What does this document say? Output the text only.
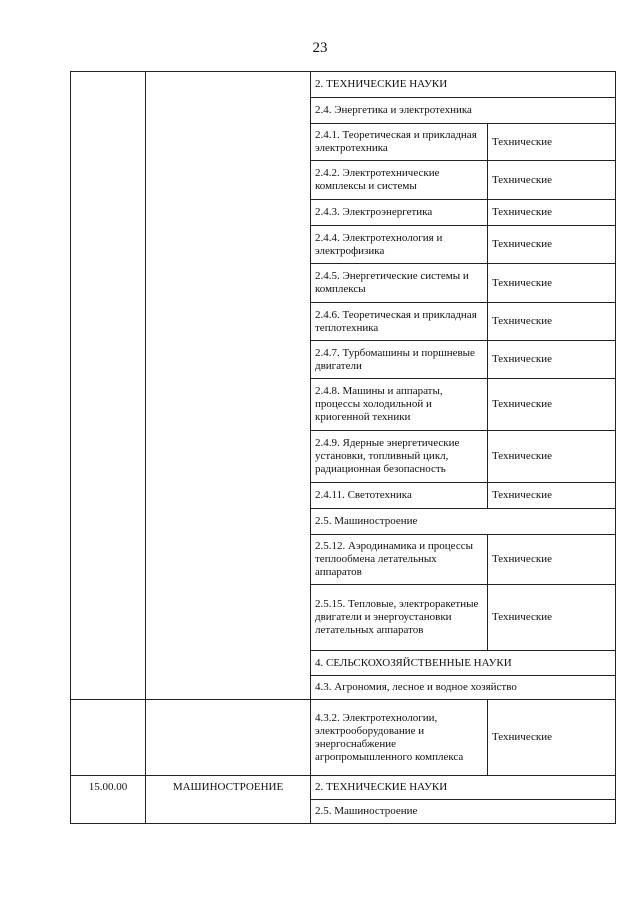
23
		2. ТЕХНИЧЕСКИЕ НАУКИ	
		2.4. Энергетика и электротехника	
		2.4.1. Теоретическая и прикладная электротехника	Технические
		2.4.2. Электротехнические комплексы и системы	Технические
		2.4.3. Электроэнергетика	Технические
		2.4.4. Электротехнология и электрофизика	Технические
		2.4.5. Энергетические системы и комплексы	Технические
		2.4.6. Теоретическая и прикладная теплотехника	Технические
		2.4.7. Турбомашины и поршневые двигатели	Технические
		2.4.8. Машины и аппараты, процессы холодильной и криогенной техники	Технические
		2.4.9. Ядерные энергетические установки, топливный цикл, радиационная безопасность	Технические
		2.4.11. Светотехника	Технические
		2.5. Машиностроение	
		2.5.12. Аэродинамика и процессы теплообмена летательных аппаратов	Технические
		2.5.15. Тепловые, электроракетные двигатели и энергоустановки летательных аппаратов	Технические
		4. СЕЛЬСКОХОЗЯЙСТВЕННЫЕ НАУКИ	
		4.3. Агрономия, лесное и водное хозяйство	
		4.3.2. Электротехнологии, электрооборудование и энергоснабжение агропромышленного комплекса	Технические
15.00.00	МАШИНОСТРОЕНИЕ	2. ТЕХНИЧЕСКИЕ НАУКИ	
		2.5. Машиностроение	
